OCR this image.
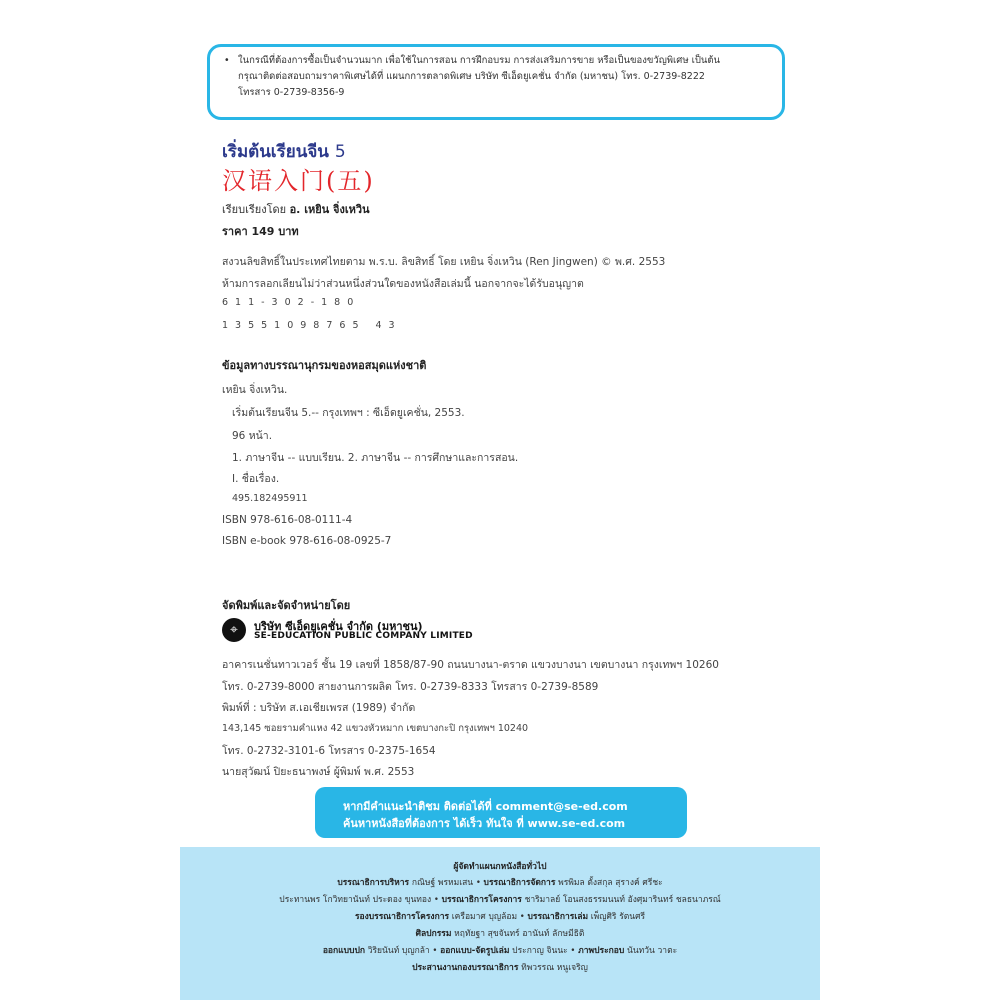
• ในกรณีที่ต้องการซื้อเป็นจำนวนมาก เพื่อใช้ในการสอน การฝึกอบรม การส่งเสริมการขาย หรือเป็นของขวัญพิเศษ เป็นต้น
กรุณาติดต่อสอบถามราคาพิเศษได้ที่ แผนกการตลาดพิเศษ บริษัท ซีเอ็ดยูเคชั่น จำกัด (มหาชน) โทร. 0-2739-8222
โทรสาร 0-2739-8356-9
เริ่มต้นเรียนจีน 5
汉语入门(五)
เรียบเรียงโดย อ. เหยิน จิ่งเหวิน
ราคา 149 บาท
สงวนลิขสิทธิ์ในประเทศไทยตาม พ.ร.บ. ลิขสิทธิ์ โดย เหยิน จิ่งเหวิน (Ren Jingwen) © พ.ศ. 2553
ห้ามการลอกเลียนไม่ว่าส่วนหนึ่งส่วนใดของหนังสือเล่มนี้ นอกจากจะได้รับอนุญาต
611-302-180
13551098765 43
ข้อมูลทางบรรณานุกรมของหอสมุดแห่งชาติ
เหยิน จิ่งเหวิน.
เริ่มต้นเรียนจีน 5.-- กรุงเทพฯ : ซีเอ็ดยูเคชั่น, 2553.
96 หน้า.
1. ภาษาจีน -- แบบเรียน. 2. ภาษาจีน -- การศึกษาและการสอน.
I. ชื่อเรื่อง.
495.182495911
ISBN 978-616-08-0111-4
ISBN e-book 978-616-08-0925-7
จัดพิมพ์และจัดจำหน่ายโดย
⌖	บริษัท ซีเอ็ดยูเคชั่น จำกัด (มหาชน)
SE-EDUCATION PUBLIC COMPANY LIMITED
อาคารเนชั่นทาวเวอร์ ชั้น 19 เลขที่ 1858/87-90 ถนนบางนา-ตราด แขวงบางนา เขตบางนา กรุงเทพฯ 10260
โทร. 0-2739-8000 สายงานการผลิต โทร. 0-2739-8333 โทรสาร 0-2739-8589
พิมพ์ที่ : บริษัท ส.เอเชียเพรส (1989) จำกัด
143,145 ซอยรามคำแหง 42 แขวงหัวหมาก เขตบางกะปิ กรุงเทพฯ 10240
โทร. 0-2732-3101-6 โทรสาร 0-2375-1654
นายสุวัฒน์ ปิยะธนาพงษ์ ผู้พิมพ์ พ.ศ. 2553
หากมีคำแนะนำติชม ติดต่อได้ที่ comment@se-ed.com
ค้นหาหนังสือที่ต้องการ ได้เร็ว ทันใจ ที่ www.se-ed.com
ผู้จัดทำแผนกหนังสือทั่วไป
บรรณาธิการบริหาร กณิษฐ์ พรหมเสน • บรรณาธิการจัดการ พรพิมล ตั้งสกุล สุรางค์ ศรีชะ
ประทานพร โกวิทยานันท์ ประดอง ขุนทอง • บรรณาธิการโครงการ ชาริมาลย์ โอนสงธรรมนนท์ อังศุมารินทร์ ชลธนาภรณ์
รองบรรณาธิการโครงการ เครือมาศ บุญล้อม • บรรณาธิการเล่ม เพ็ญศิริ รัตนศรี
ศิลปกรรม หฤทัยฐา สุขจันทร์ อานันท์ ลักษมีธิติ
ออกแบบปก วิริยนันท์ บุญกล้า • ออกแบบ-จัดรูปเล่ม ประกาญ จินนะ • ภาพประกอบ นันทวัน วาตะ
ประสานงานกองบรรณาธิการ ทิพวรรณ หนูเจริญ
